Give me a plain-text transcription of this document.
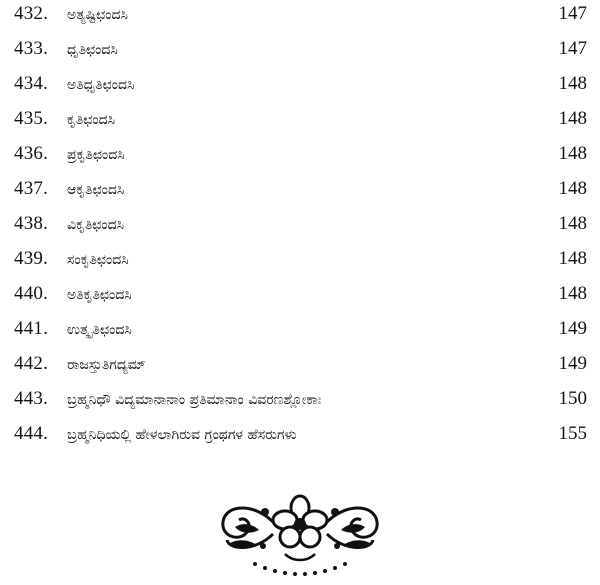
432. ಅತ್ಯಷ್ಟಿಛಂದಸಿ	147
433. ಧೃತಿಛಂದಸಿ	147
434. ಅತಿಧೃತಿಛಂದಸಿ	148
435. ಕೃತಿಛಂದಸಿ	148
436. ಪ್ರಕೃತಿಛಂದಸಿ	148
437. ಆಕೃತಿಛಂದಸಿ	148
438. ವಿಕೃತಿಛಂದಸಿ	148
439. ಸಂಕೃತಿಛಂದಸಿ	148
440. ಅತಿಕೃತಿಛಂದಸಿ	148
441. ಉತ್ಕೃತಿಛಂದಸಿ	149
442. ರಾಜಸ್ತುತಿಗದ್ಯಮ್	149
443. ಬ್ರಹ್ಮನಿಧೌ ವಿದ್ಯಮಾನಾನಾಂ ಪ್ರತಿಮಾನಾಂ ವಿವರಣಶ್ಲೋಕಾಃ	150
444. ಬ್ರಹ್ಮನಿಧಿಯಲ್ಲಿ ಹೇಳಲಾಗಿರುವ ಗ್ರಂಥಗಳ ಹೆಸರುಗಳು	155
